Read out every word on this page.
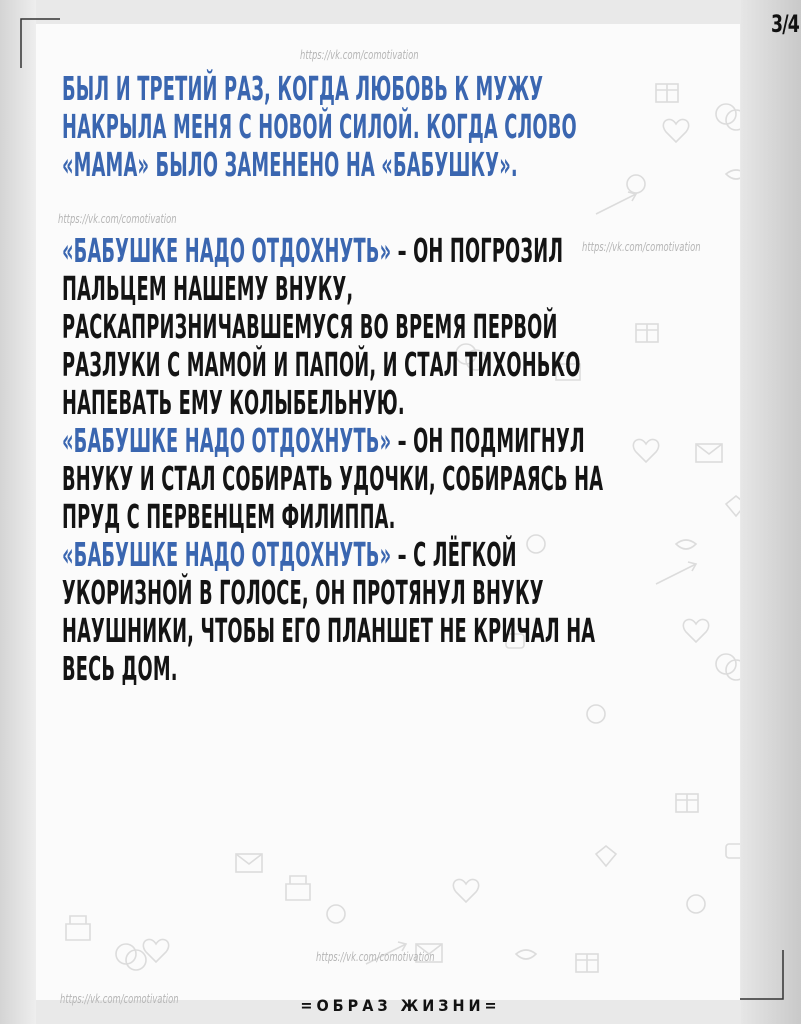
3/4
https://vk.com/comotivation
https://vk.com/comotivation
https://vk.com/comotivation
https://vk.com/comotivation
https://vk.com/comotivation
БЫЛ И ТРЕТИЙ РАЗ, КОГДА ЛЮБОВЬ К МУЖУ
НАКРЫЛА МЕНЯ С НОВОЙ СИЛОЙ. КОГДА СЛОВО
«МАМА» БЫЛО ЗАМЕНЕНО НА «БАБУШКУ».
«БАБУШКЕ НАДО ОТДОХНУТЬ» – ОН ПОГРОЗИЛ
ПАЛЬЦЕМ НАШЕМУ ВНУКУ,
РАСКАПРИЗНИЧАВШЕМУСЯ ВО ВРЕМЯ ПЕРВОЙ
РАЗЛУКИ С МАМОЙ И ПАПОЙ, И СТАЛ ТИХОНЬКО
НАПЕВАТЬ ЕМУ КОЛЫБЕЛЬНУЮ.
«БАБУШКЕ НАДО ОТДОХНУТЬ» – ОН ПОДМИГНУЛ
ВНУКУ И СТАЛ СОБИРАТЬ УДОЧКИ, СОБИРАЯСЬ НА
ПРУД С ПЕРВЕНЦЕМ ФИЛИППА.
«БАБУШКЕ НАДО ОТДОХНУТЬ» – С ЛЁГКОЙ
УКОРИЗНОЙ В ГОЛОСЕ, ОН ПРОТЯНУЛ ВНУКУ
НАУШНИКИ, ЧТОБЫ ЕГО ПЛАНШЕТ НЕ КРИЧАЛ НА
ВЕСЬ ДОМ.
=ОБРАЗ ЖИЗНИ=
